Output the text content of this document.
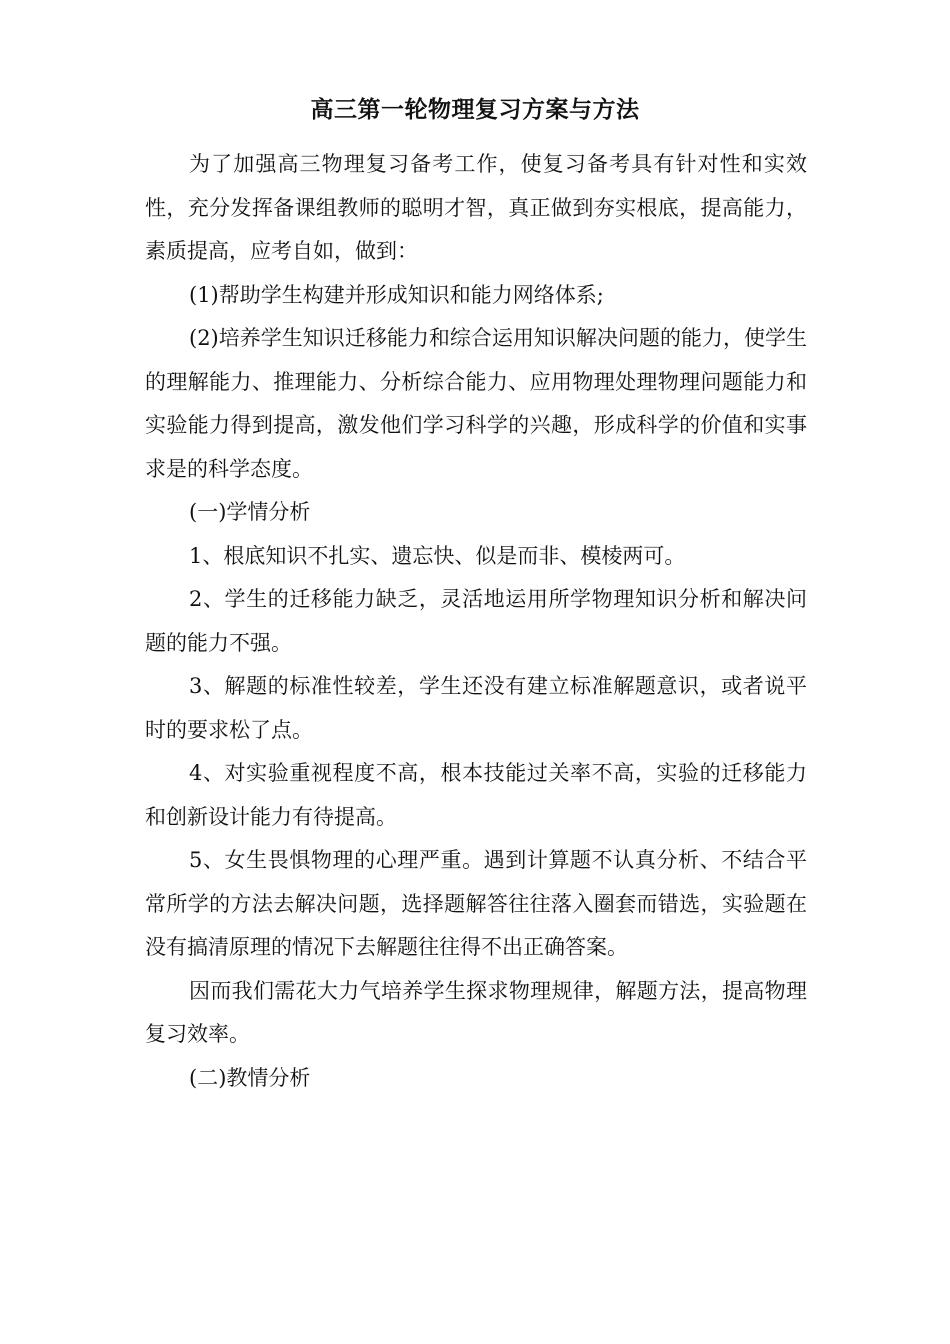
高三第一轮物理复习方案与方法

为了加强高三物理复习备考工作，使复习备考具有针对性和实效性，充分发挥备课组教师的聪明才智，真正做到夯实根底，提高能力，素质提高，应考自如，做到：

(1)帮助学生构建并形成知识和能力网络体系;

(2)培养学生知识迁移能力和综合运用知识解决问题的能力，使学生的理解能力、推理能力、分析综合能力、应用物理处理物理问题能力和实验能力得到提高，激发他们学习科学的兴趣，形成科学的价值和实事求是的科学态度。

(一)学情分析

1、根底知识不扎实、遗忘快、似是而非、模棱两可。

2、学生的迁移能力缺乏，灵活地运用所学物理知识分析和解决问题的能力不强。

3、解题的标准性较差，学生还没有建立标准解题意识，或者说平时的要求松了点。

4、对实验重视程度不高，根本技能过关率不高，实验的迁移能力和创新设计能力有待提高。

5、女生畏惧物理的心理严重。遇到计算题不认真分析、不结合平常所学的方法去解决问题，选择题解答往往落入圈套而错选，实验题在没有搞清原理的情况下去解题往往得不出正确答案。

因而我们需花大力气培养学生探求物理规律，解题方法，提高物理复习效率。

(二)教情分析
